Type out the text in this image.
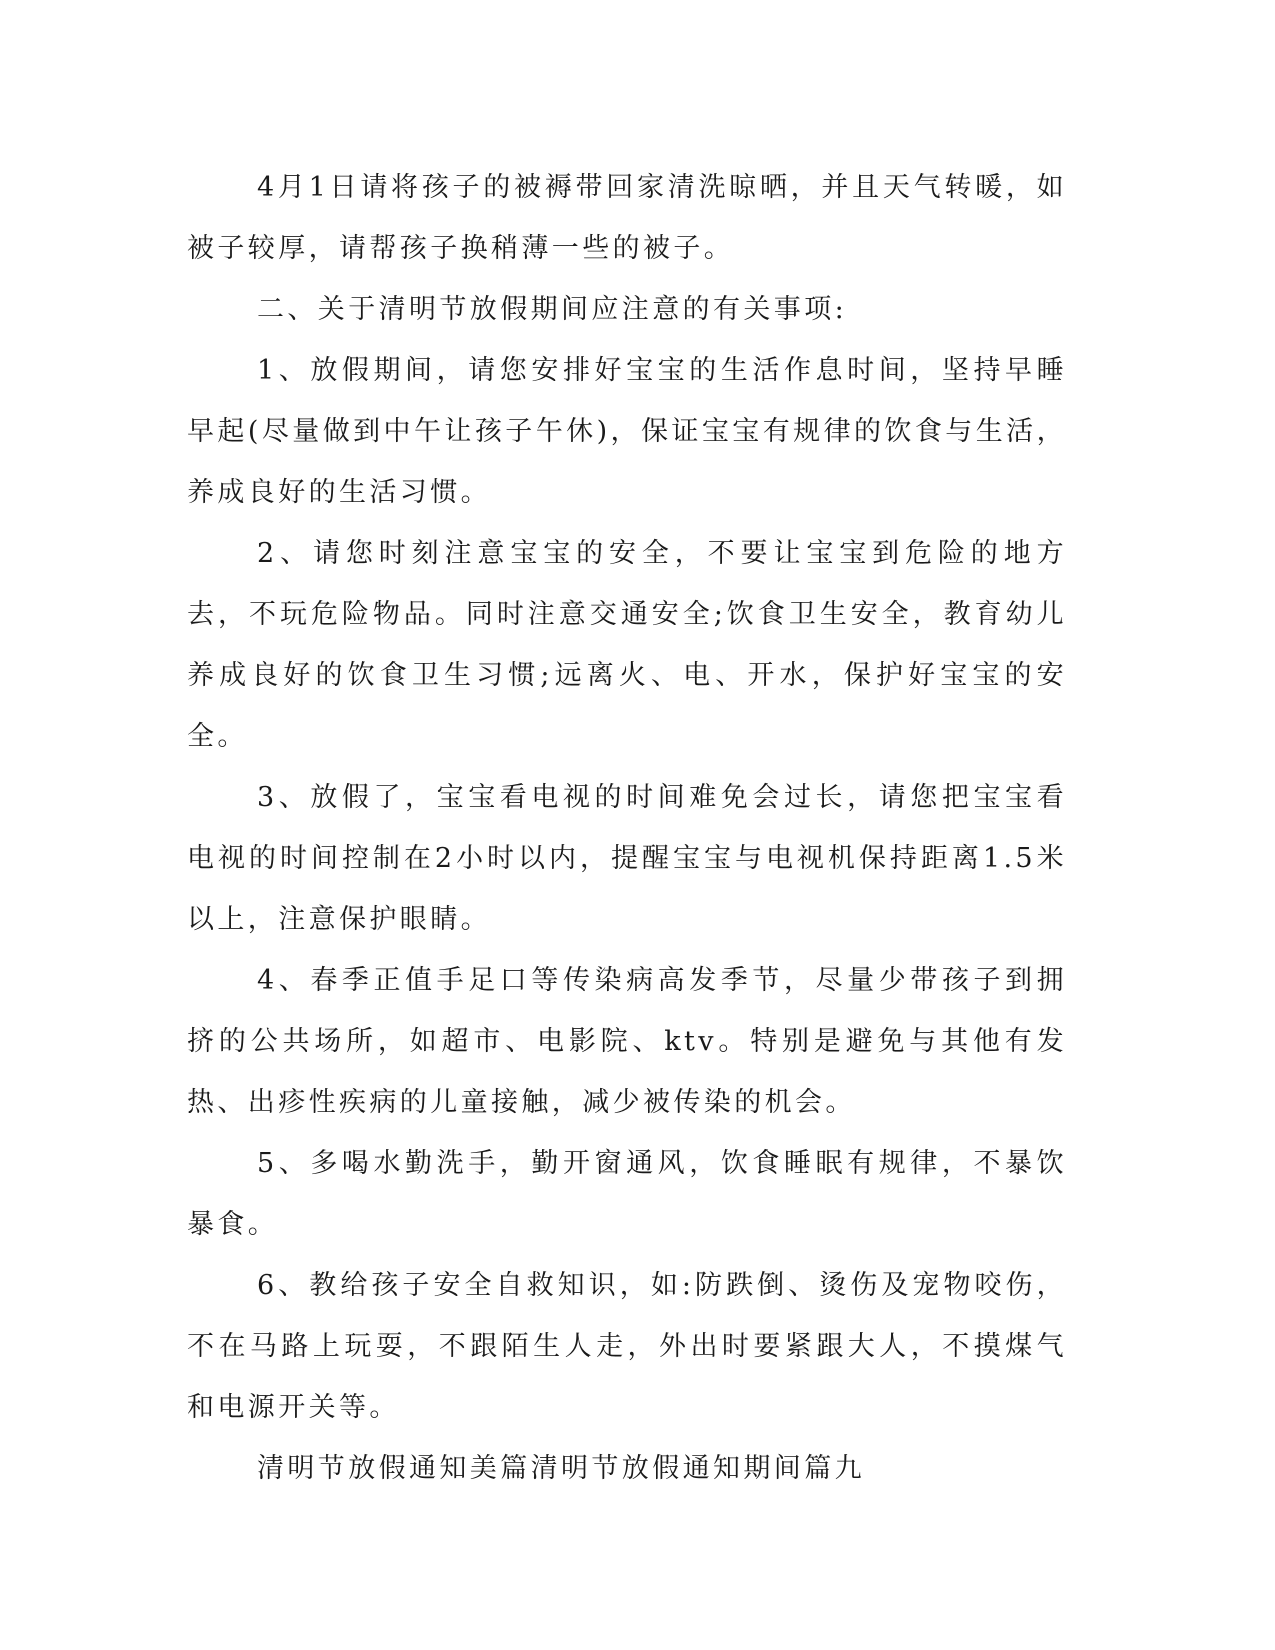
4月1日请将孩子的被褥带回家清洗晾晒，并且天气转暖，如被子较厚，请帮孩子换稍薄一些的被子。

二、关于清明节放假期间应注意的有关事项:

1、放假期间，请您安排好宝宝的生活作息时间，坚持早睡早起(尽量做到中午让孩子午休)，保证宝宝有规律的饮食与生活，养成良好的生活习惯。

2、请您时刻注意宝宝的安全，不要让宝宝到危险的地方去，不玩危险物品。同时注意交通安全;饮食卫生安全，教育幼儿养成良好的饮食卫生习惯;远离火、电、开水，保护好宝宝的安全。

3、放假了，宝宝看电视的时间难免会过长，请您把宝宝看电视的时间控制在2小时以内，提醒宝宝与电视机保持距离1.5米以上，注意保护眼睛。

4、春季正值手足口等传染病高发季节，尽量少带孩子到拥挤的公共场所，如超市、电影院、ktv。特别是避免与其他有发热、出疹性疾病的儿童接触，减少被传染的机会。

5、多喝水勤洗手，勤开窗通风，饮食睡眠有规律，不暴饮暴食。

6、教给孩子安全自救知识，如:防跌倒、烫伤及宠物咬伤，不在马路上玩耍，不跟陌生人走，外出时要紧跟大人，不摸煤气和电源开关等。

清明节放假通知美篇清明节放假通知期间篇九
